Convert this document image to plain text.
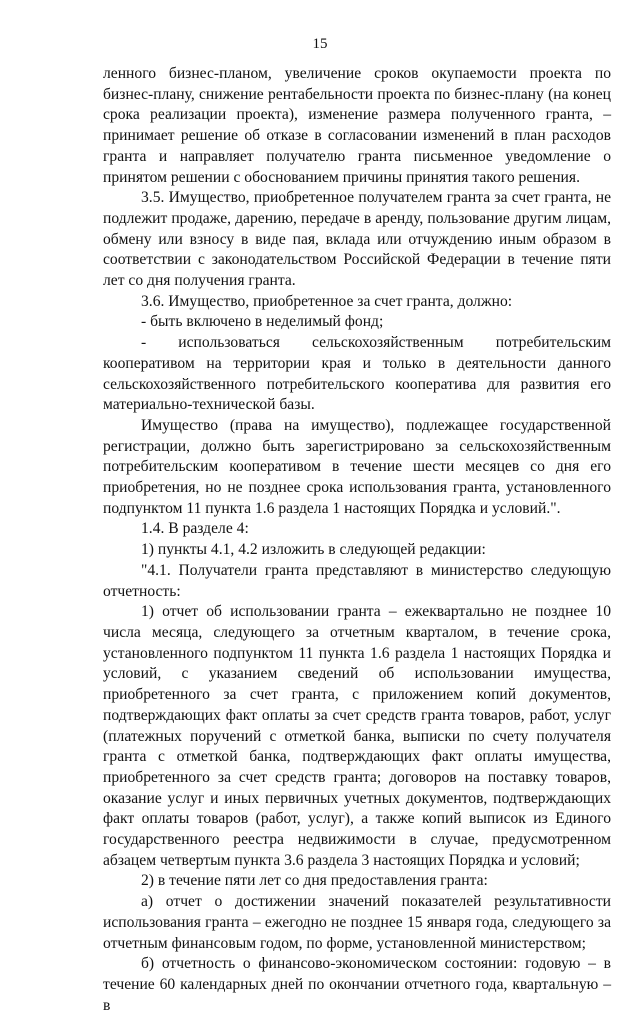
15

ленного бизнес-планом, увеличение сроков окупаемости проекта по бизнес-плану, снижение рентабельности проекта по бизнес-плану (на конец срока реализации проекта), изменение размера полученного гранта, – принимает решение об отказе в согласовании изменений в план расходов гранта и направляет получателю гранта письменное уведомление о принятом решении с обоснованием причины принятия такого решения.

3.5. Имущество, приобретенное получателем гранта за счет гранта, не подлежит продаже, дарению, передаче в аренду, пользование другим лицам, обмену или взносу в виде пая, вклада или отчуждению иным образом в соответствии с законодательством Российской Федерации в течение пяти лет со дня получения гранта.

3.6. Имущество, приобретенное за счет гранта, должно:

- быть включено в неделимый фонд;

- использоваться сельскохозяйственным потребительским кооперативом на территории края и только в деятельности данного сельскохозяйственного потребительского кооператива для развития его материально-технической базы.

Имущество (права на имущество), подлежащее государственной регистрации, должно быть зарегистрировано за сельскохозяйственным потребительским кооперативом в течение шести месяцев со дня его приобретения, но не позднее срока использования гранта, установленного подпунктом 11 пункта 1.6 раздела 1 настоящих Порядка и условий.".

1.4. В разделе 4:

1) пункты 4.1, 4.2 изложить в следующей редакции:

"4.1. Получатели гранта представляют в министерство следующую отчетность:

1) отчет об использовании гранта – ежеквартально не позднее 10 числа месяца, следующего за отчетным кварталом, в течение срока, установленного подпунктом 11 пункта 1.6 раздела 1 настоящих Порядка и условий, с указанием сведений об использовании имущества, приобретенного за счет гранта, с приложением копий документов, подтверждающих факт оплаты за счет средств гранта товаров, работ, услуг (платежных поручений с отметкой банка, выписки по счету получателя гранта с отметкой банка, подтверждающих факт оплаты имущества, приобретенного за счет средств гранта; договоров на поставку товаров, оказание услуг и иных первичных учетных документов, подтверждающих факт оплаты товаров (работ, услуг), а также копий выписок из Единого государственного реестра недвижимости в случае, предусмотренном абзацем четвертым пункта 3.6 раздела 3 настоящих Порядка и условий;

2) в течение пяти лет со дня предоставления гранта:

а) отчет о достижении значений показателей результативности использования гранта – ежегодно не позднее 15 января года, следующего за отчетным финансовым годом, по форме, установленной министерством;

б) отчетность о финансово-экономическом состоянии: годовую – в течение 60 календарных дней по окончании отчетного года, квартальную – в
